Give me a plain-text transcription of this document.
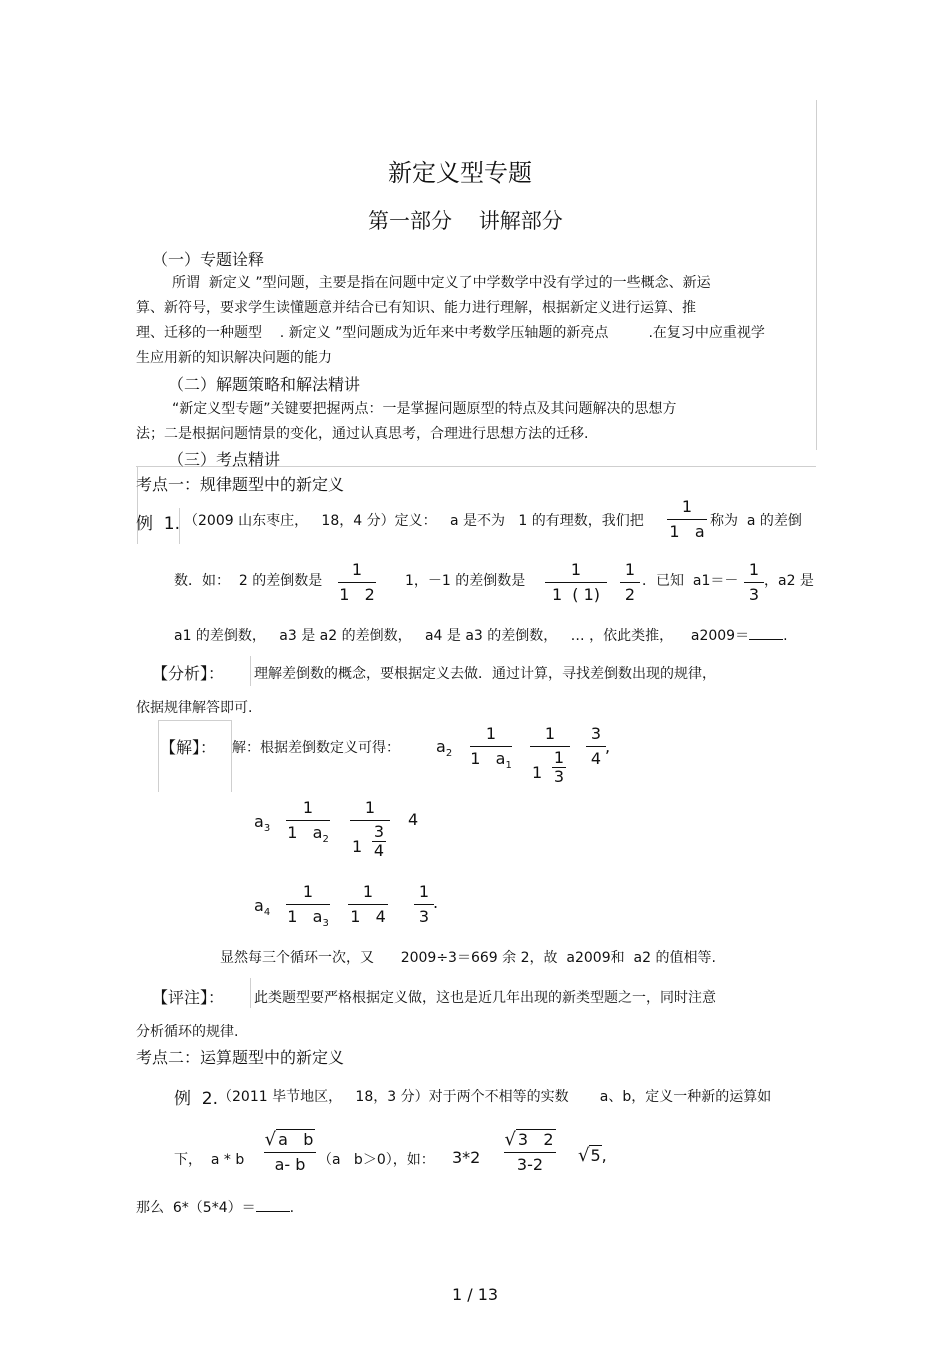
新定义型专题
第一部分    讲解部分
（一）专题诠释
所谓  新定义 ”型问题，主要是指在问题中定义了中学数学中没有学过的一些概念、新运
算、新符号，要求学生读懂题意并结合已有知识、能力进行理解，根据新定义进行运算、推
理、迁移的一种题型    . 新定义 ”型问题成为近年来中考数学压轴题的新亮点         .在复习中应重视学
生应用新的知识解决问题的能力
（二）解题策略和解法精讲
“新定义型专题”关键要把握两点：一是掌握问题原型的特点及其问题解决的思想方
法；二是根据问题情景的变化，通过认真思考，合理进行思想方法的迁移.
（三）考点精讲
考点一：规律题型中的新定义
例  1. （2009 山东枣庄，   18，4 分）定义：   a 是不为   1 的有理数，我们把
1
1   a
称为  a 的差倒
数．如：  2 的差倒数是
1
1   2
1，－1 的差倒数是
1
1  ( 1)
1
2
．已知  a1＝－
1
3
，a2 是
a1 的差倒数，   a3 是 a2 的差倒数，   a4 是 a3 的差倒数，   … ，依此类推，    a2009＝ .
【分析】： 理解差倒数的概念，要根据定义去做．通过计算，寻找差倒数出现的规律，
依据规律解答即可.
【解】： 解：根据差倒数定义可得： $a_2$
1
1   $a_1$
1
1
1
3
3
4
,
$a_3$
1
1   $a_2$
1
1
3
4
4
$a_4$
1
1   $a_3$
1
1   4
1
3
.
显然每三个循环一次，又      2009÷3＝669 余 2，故  a2009和  a2 的值相等.
【评注】： 此类题型要严格根据定义做，这也是近几年出现的新类型题之一，同时注意
分析循环的规律.
考点二：运算题型中的新定义
例  2. （2011 毕节地区，   18，3 分）对于两个不相等的实数       a、b，定义一种新的运算如
下，  a * b
√ a   b
a- b （a   b＞0），如： 3*2
√ 3   2
3-2	√5,
那么  6*（5*4）＝ .
1 / 13
